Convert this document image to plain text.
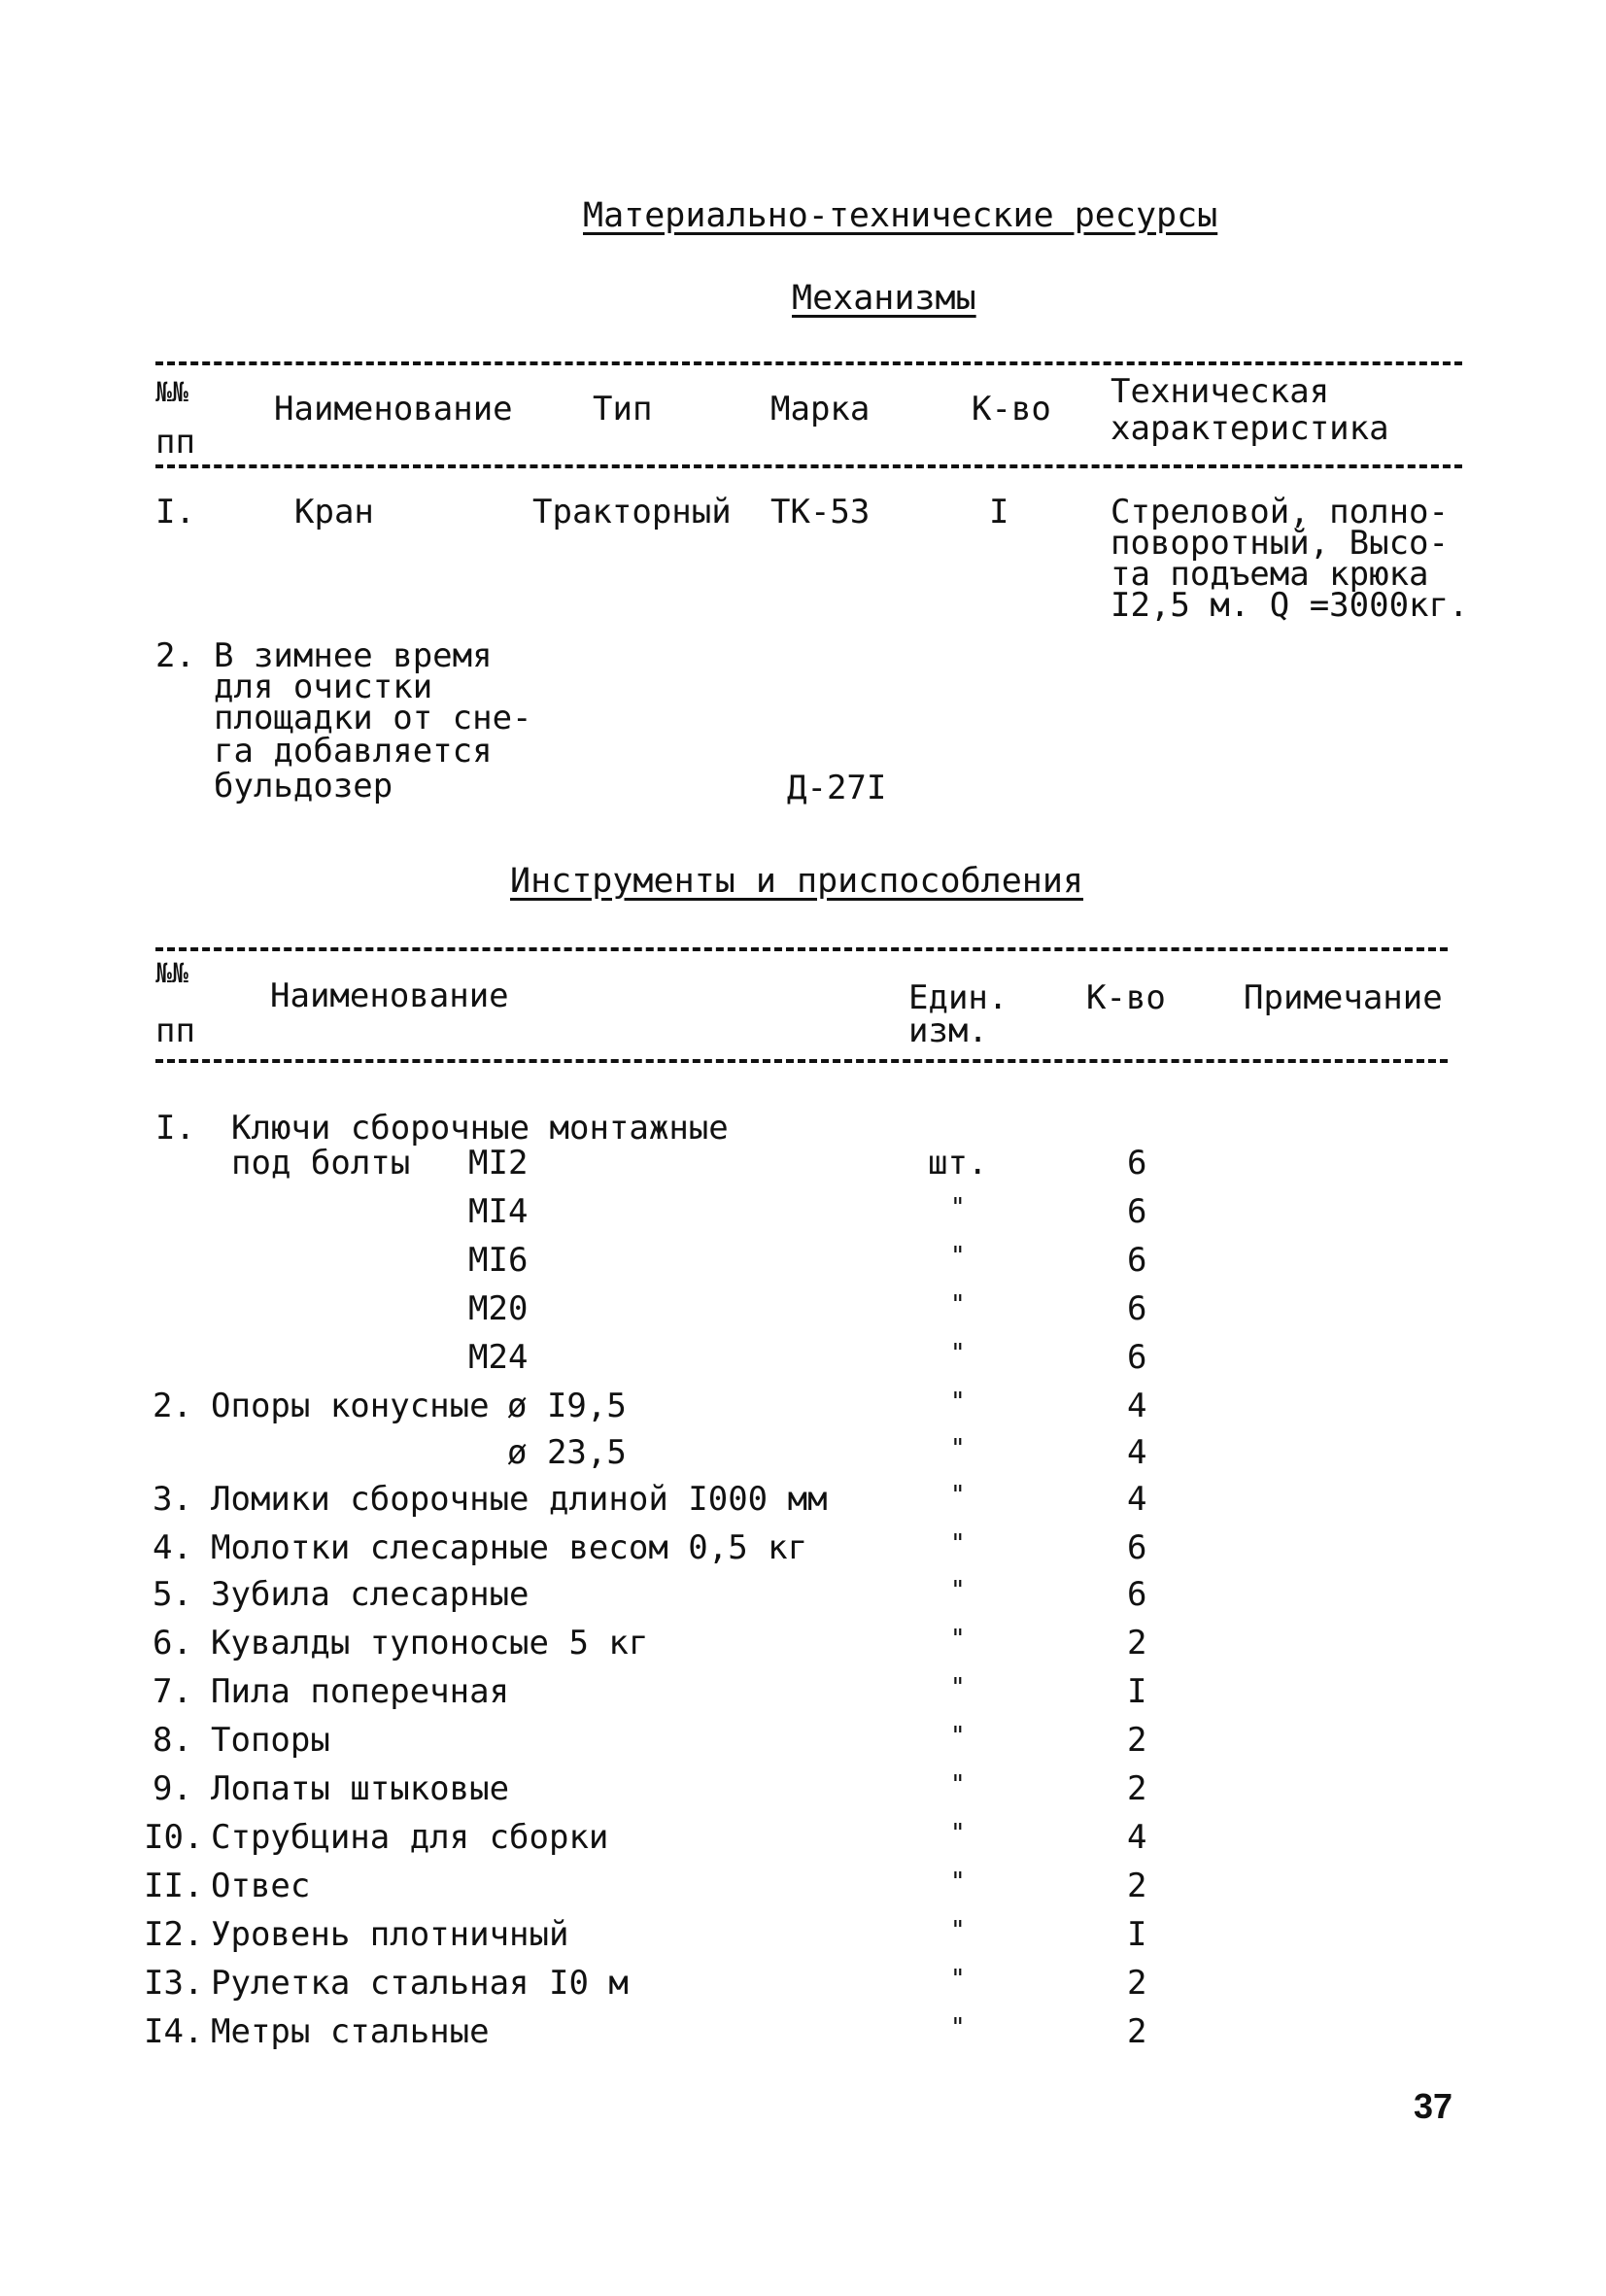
Материально-технические ресурсы
Механизмы
№№
пп
Наименование Тип	Марка	К-во Техническая
характеристика
I.	Кран	Тракторный ТК-53	I	Стреловой, полно-
поворотный, Высо-
та подъема крюка
I2,5 м. Q =3000кг.
2. В зимнее время
для очистки
площадки от сне-
га добавляется
бульдозер	Д-27I
Инструменты и приспособления
№№
пп
Наименование	Един.
изм.
К-во Примечание
I. Ключи сборочные монтажные
под болты МI2	шт.	6
МI4	"	6
МI6	"	6
М20	"	6
М24	"	6
2. Опоры конусные ø I9,5	"	4
ø 23,5	"	4
3. Ломики сборочные длиной I000 мм	"	4
4. Молотки слесарные весом 0,5 кг	"	6
5. Зубила слесарные	"	6
6. Кувалды тупоносые 5 кг	"	2
7. Пила поперечная	"	I
8. Топоры	"	2
9. Лопаты штыковые	"	2
I0. Струбцина для сборки	"	4
II. Отвес	"	2
I2. Уровень плотничный	"	I
I3. Рулетка стальная I0 м	"	2
I4. Метры стальные	"	2
37
